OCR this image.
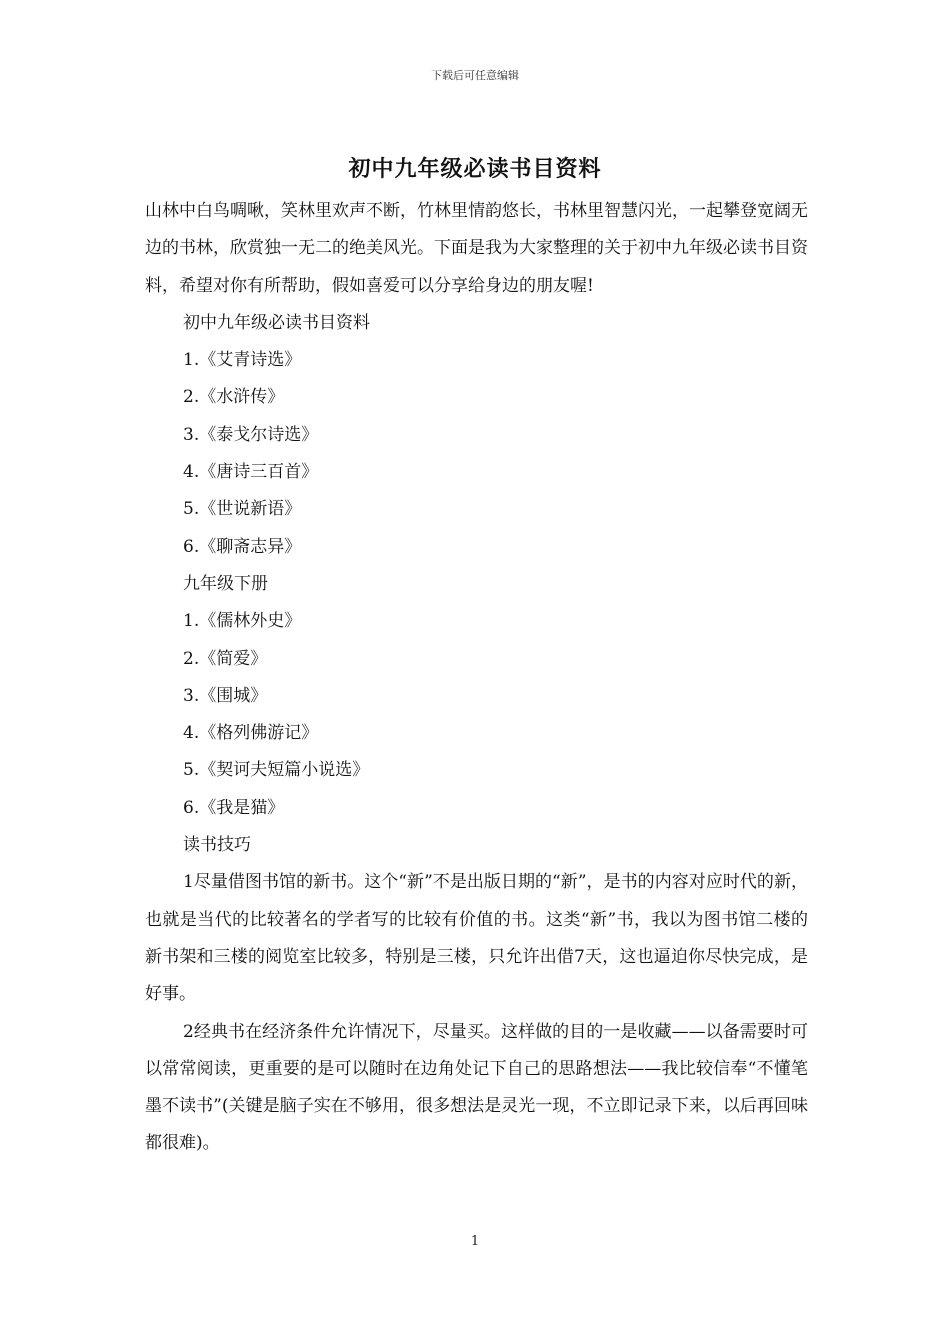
下载后可任意编辑
初中九年级必读书目资料

山林中白鸟啁啾，笑林里欢声不断，竹林里情韵悠长，书林里智慧闪光，一起攀登宽阔无边的书林，欣赏独一无二的绝美风光。下面是我为大家整理的关于初中九年级必读书目资料，希望对你有所帮助，假如喜爱可以分享给身边的朋友喔!

初中九年级必读书目资料

1.《艾青诗选》

2.《水浒传》

3.《泰戈尔诗选》

4.《唐诗三百首》

5.《世说新语》

6.《聊斋志异》

九年级下册

1.《儒林外史》

2.《简爱》

3.《围城》

4.《格列佛游记》

5.《契诃夫短篇小说选》

6.《我是猫》

读书技巧

1尽量借图书馆的新书。这个“新”不是出版日期的“新”，是书的内容对应时代的新，也就是当代的比较著名的学者写的比较有价值的书。这类“新”书，我以为图书馆二楼的新书架和三楼的阅览室比较多，特别是三楼，只允许出借7天，这也逼迫你尽快完成，是好事。

2经典书在经济条件允许情况下，尽量买。这样做的目的一是收藏——以备需要时可以常常阅读，更重要的是可以随时在边角处记下自己的思路想法——我比较信奉“不懂笔墨不读书”(关键是脑子实在不够用，很多想法是灵光一现，不立即记录下来，以后再回味都很难)。

1
